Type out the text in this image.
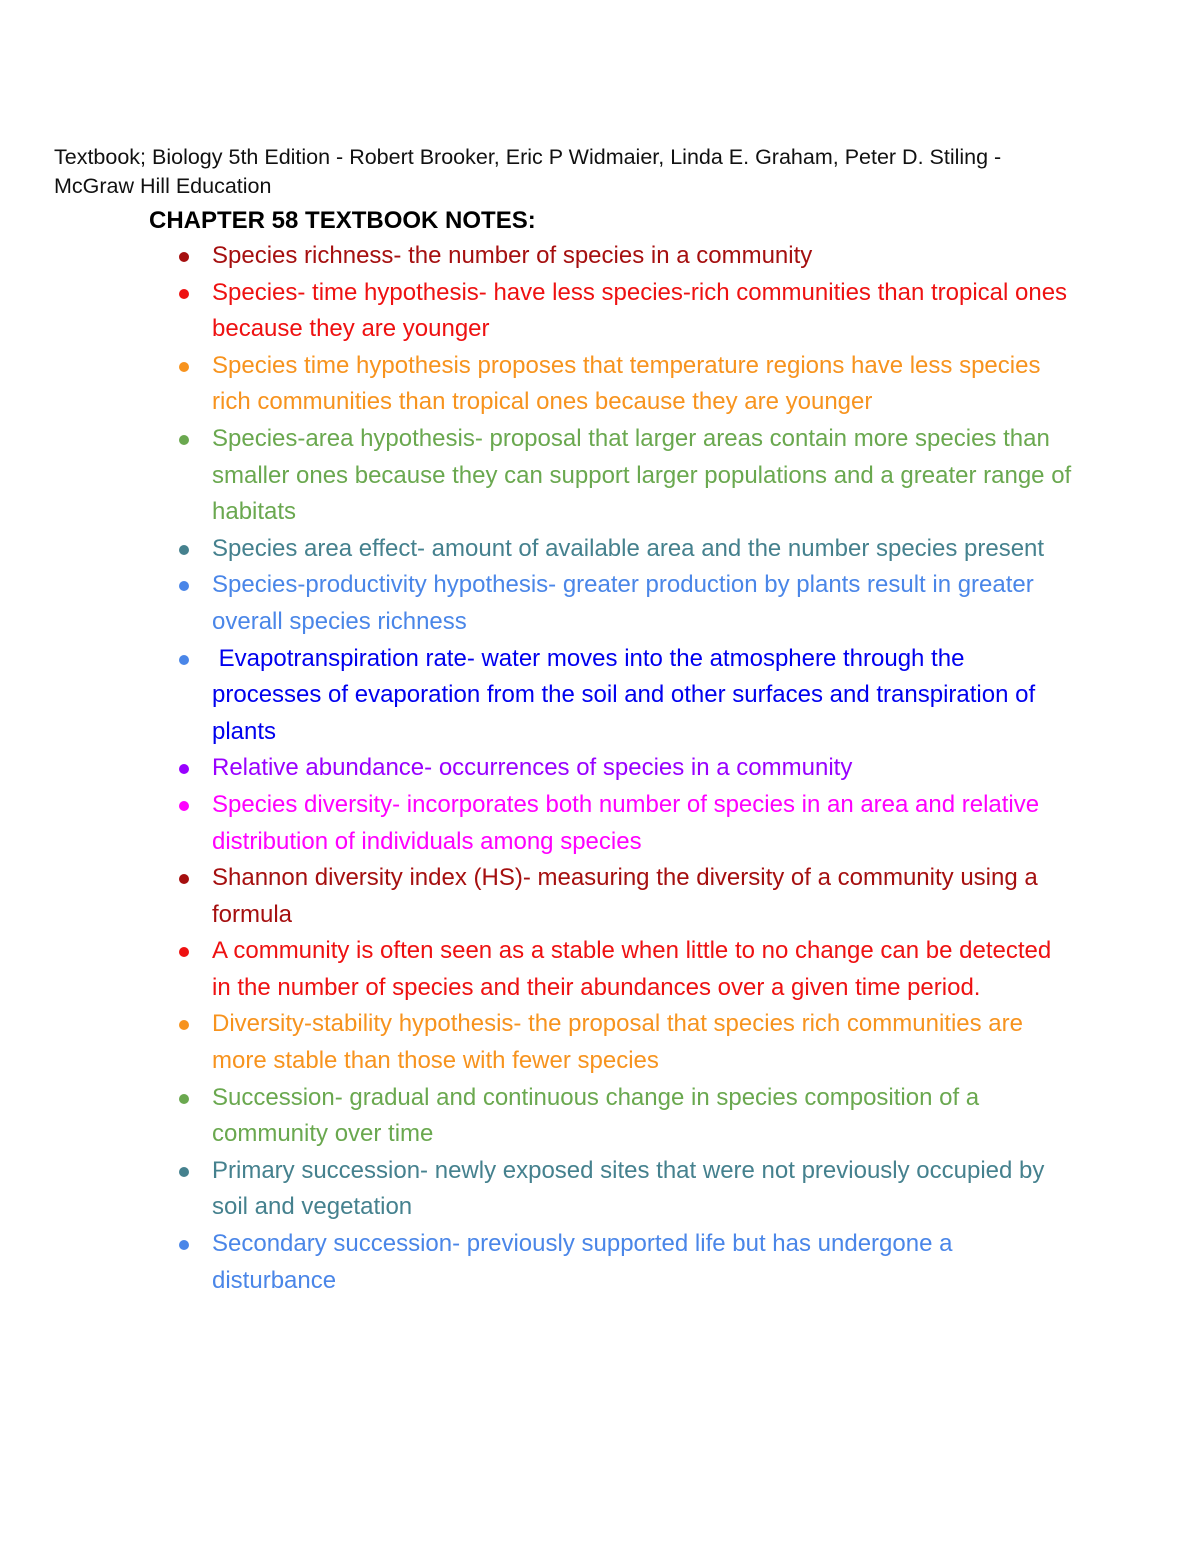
Textbook; Biology 5th Edition - Robert Brooker, Eric P Widmaier, Linda E. Graham, Peter D. Stiling - McGraw Hill Education

CHAPTER 58 TEXTBOOK NOTES:
Species richness- the number of species in a community
Species- time hypothesis- have less species-rich communities than tropical ones because they are younger
Species time hypothesis proposes that temperature regions have less species rich communities than tropical ones because they are younger
Species-area hypothesis- proposal that larger areas contain more species than smaller ones because they can support larger populations and a greater range of habitats
Species area effect- amount of available area and the number species present
Species-productivity hypothesis- greater production by plants result in greater overall species richness
Evapotranspiration rate- water moves into the atmosphere through the processes of evaporation from the soil and other surfaces and transpiration of plants
Relative abundance- occurrences of species in a community
Species diversity- incorporates both number of species in an area and relative distribution of individuals among species
Shannon diversity index (HS)- measuring the diversity of a community using a formula
A community is often seen as a stable when little to no change can be detected in the number of species and their abundances over a given time period.
Diversity-stability hypothesis- the proposal that species rich communities are more stable than those with fewer species
Succession- gradual and continuous change in species composition of a community over time
Primary succession- newly exposed sites that were not previously occupied by soil and vegetation
Secondary succession- previously supported life but has undergone a disturbance
